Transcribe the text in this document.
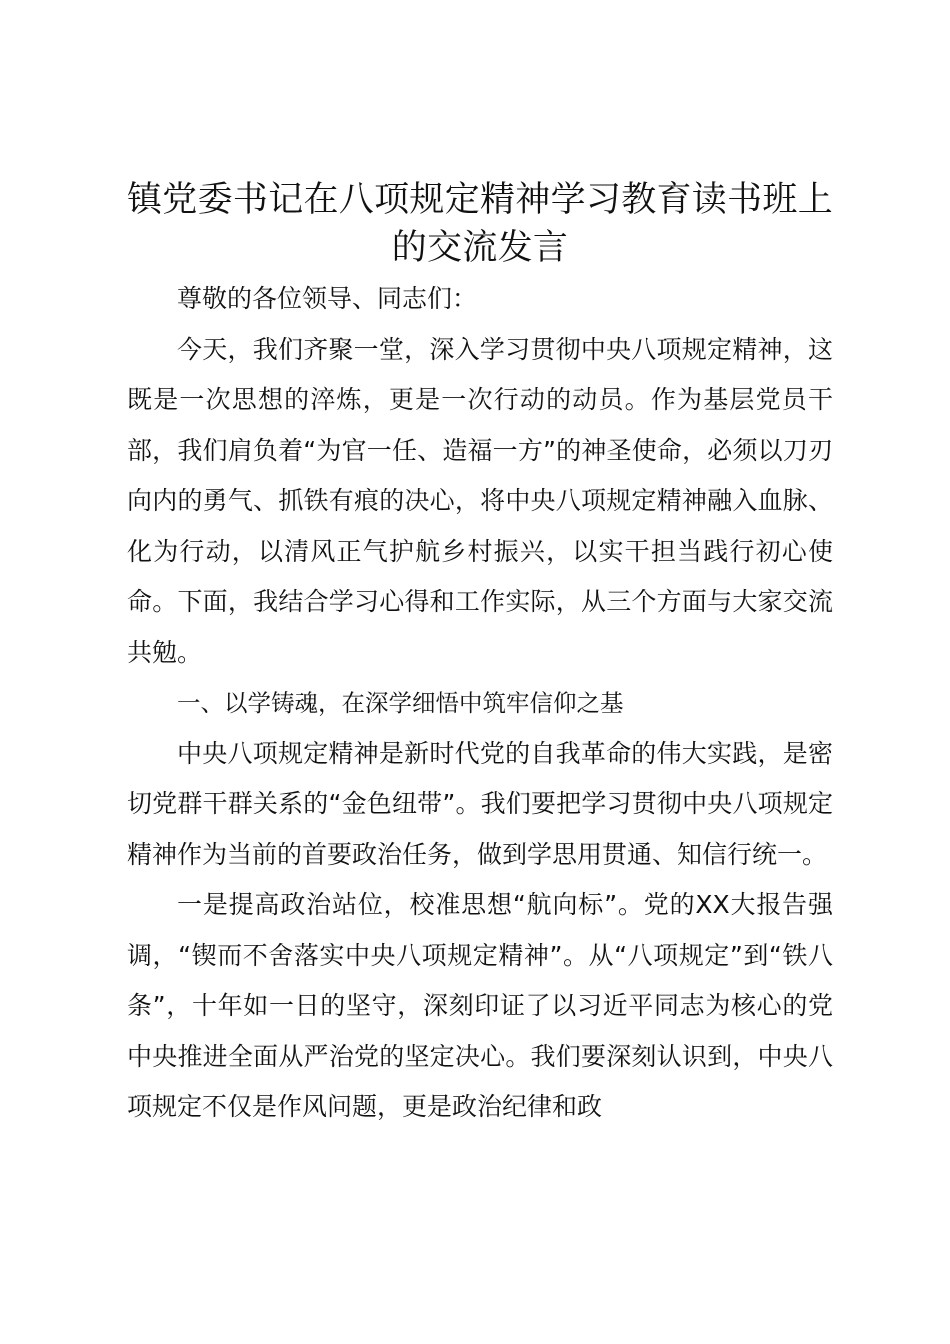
镇党委书记在八项规定精神学习教育读书班上
的交流发言

尊敬的各位领导、同志们：

今天，我们齐聚一堂，深入学习贯彻中央八项规定精神，这既是一次思想的淬炼，更是一次行动的动员。作为基层党员干部，我们肩负着“为官一任、造福一方”的神圣使命，必须以刀刃向内的勇气、抓铁有痕的决心，将中央八项规定精神融入血脉、化为行动，以清风正气护航乡村振兴，以实干担当践行初心使命。下面，我结合学习心得和工作实际，从三个方面与大家交流共勉。

一、以学铸魂，在深学细悟中筑牢信仰之基

中央八项规定精神是新时代党的自我革命的伟大实践，是密切党群干群关系的“金色纽带”。我们要把学习贯彻中央八项规定精神作为当前的首要政治任务，做到学思用贯通、知信行统一。

一是提高政治站位，校准思想“航向标”。党的XX大报告强调，“锲而不舍落实中央八项规定精神”。从“八项规定”到“铁八条”，十年如一日的坚守，深刻印证了以习近平同志为核心的党中央推进全面从严治党的坚定决心。我们要深刻认识到，中央八项规定不仅是作风问题，更是政治纪律和政
